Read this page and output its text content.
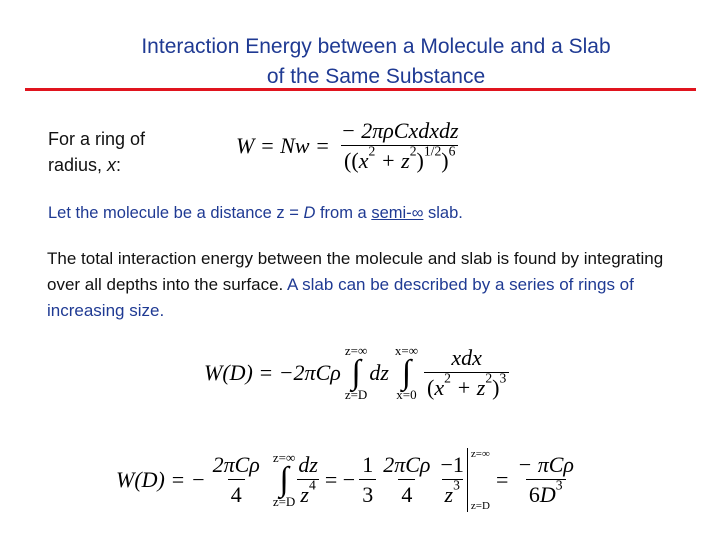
Interaction Energy between a Molecule and a Slab
of the Same Substance
For a ring of
radius, x:
$W = Nw = \frac{\text{− 2πρCxdxdz}}{((x^2 + z^2)^{1/2})^6}$
Let the molecule be a distance z = D from a semi-∞ slab.
The total interaction energy between the molecule and slab is found by integrating over all depths into the surface. A slab can be described by a series of rings of increasing size.
W(D) = −2πCρ
z=∞
∫
z=D
dz
x=∞
∫
$x=0 \frac{\text{xdx}}{(x^2 + z^2)^3}$
W(D) = − $\frac{\text{2πCρ}}{4} z=\infty$
∫
$z=D \frac{dz}{z^4}$ = − $\frac{1}{3} \frac{\text{2πCρ}}{4} \frac{-1}{z^3} z=\infty$
z=D
= $\frac{\text{− πCρ}}{6D^3}$
